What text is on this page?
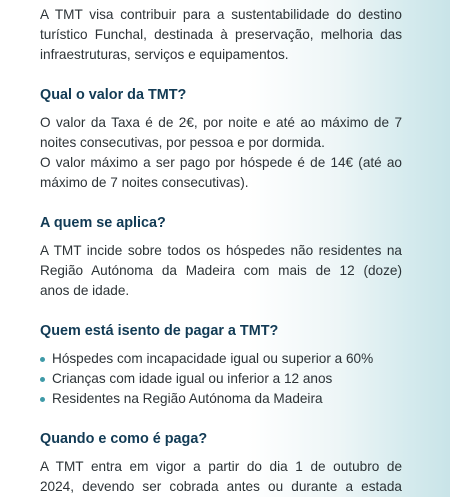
A TMT visa contribuir para a sustentabilidade do destino
turístico Funchal, destinada à preservação, melhoria das
infraestruturas, serviços e equipamentos.

Qual o valor da TMT?

O valor da Taxa é de 2€, por noite e até ao máximo de 7
noites consecutivas, por pessoa e por dormida.
O valor máximo a ser pago por hóspede é de 14€ (até ao
máximo de 7 noites consecutivas).

A quem se aplica?

A TMT incide sobre todos os hóspedes não residentes na
Região Autónoma da Madeira com mais de 12 (doze)
anos de idade.

Quem está isento de pagar a TMT?
Hóspedes com incapacidade igual ou superior a 60%
Crianças com idade igual ou inferior a 12 anos
Residentes na Região Autónoma da Madeira
Quando e como é paga?

A TMT entra em vigor a partir do dia 1 de outubro de
2024, devendo ser cobrada antes ou durante a estada
